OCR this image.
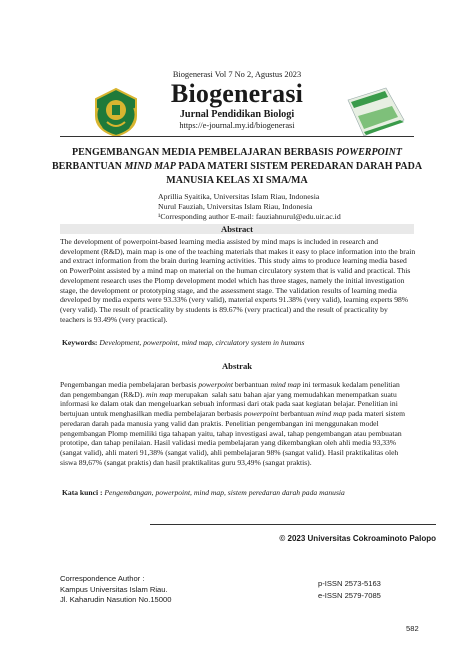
Biogenerasi Vol 7 No 2, Agustus 2023
Biogenerasi
Jurnal Pendidikan Biologi
https://e-journal.my.id/biogenerasi
PENGEMBANGAN MEDIA PEMBELAJARAN BERBASIS POWERPOINT
BERBANTUAN MIND MAP PADA MATERI SISTEM PEREDARAN DARAH PADA
MANUSIA KELAS XI SMA/MA
Aprillia Syaitika, Universitas Islam Riau, Indonesia
Nurul Fauziah, Universitas Islam Riau, Indonesia
¹Corresponding author E-mail: fauziahnurul@edu.uir.ac.id
Abstract
The development of powerpoint-based learning media assisted by mind maps is included in research and
development (R&D), main map is one of the teaching materials that makes it easy to place information into the brain
and extract information from the brain during learning activities. This study aims to produce learning media based
on PowerPoint assisted by a mind map on material on the human circulatory system that is valid and practical. This
development research uses the Plomp development model which has three stages, namely the initial investigation
stage, the development or prototyping stage, and the assessment stage. The validation results of learning media
developed by media experts were 93.33% (very valid), material experts 91.38% (very valid), learning experts 98%
(very valid). The result of practicality by students is 89.67% (very practical) and the result of practicality by
teachers is 93.49% (very practical).
Keywords: Development, powerpoint, mind map, circulatory system in humans
Abstrak
Pengembangan media pembelajaran berbasis powerpoint berbantuan mind map ini termasuk kedalam penelitian
dan pengembangan (R&D). min map merupakan  salah satu bahan ajar yang memudahkan menempatkan suatu
informasi ke dalam otak dan mengeluarkan sebuah informasi dari otak pada saat kegiatan belajar. Penelitian ini
bertujuan untuk menghasilkan media pembelajaran berbasis powerpoint berbantuan mind map pada materi sistem
peredaran darah pada manusia yang valid dan praktis. Penelitian pengembangan ini menggunakan model
pengembangan Plomp memiliki tiga tahapan yaitu, tahap investigasi awal, tahap pengembangan atau pembuatan
prototipe, dan tahap penilaian. Hasil validasi media pembelajaran yang dikembangkan oleh ahli media 93,33%
(sangat valid), ahli materi 91,38% (sangat valid), ahli pembelajaran 98% (sangat valid). Hasil praktikalitas oleh
siswa 89,67% (sangat praktis) dan hasil praktikalitas guru 93,49% (sangat praktis).
Kata kunci : Pengembangan, powerpoint, mind map, sistem peredaran darah pada manusia
© 2023 Universitas Cokroaminoto Palopo
Correspondence Author :
Kampus Universitas Islam Riau.
Jl. Kaharudin Nasution No.15000
p-ISSN 2573-5163
e-ISSN 2579-7085
582
